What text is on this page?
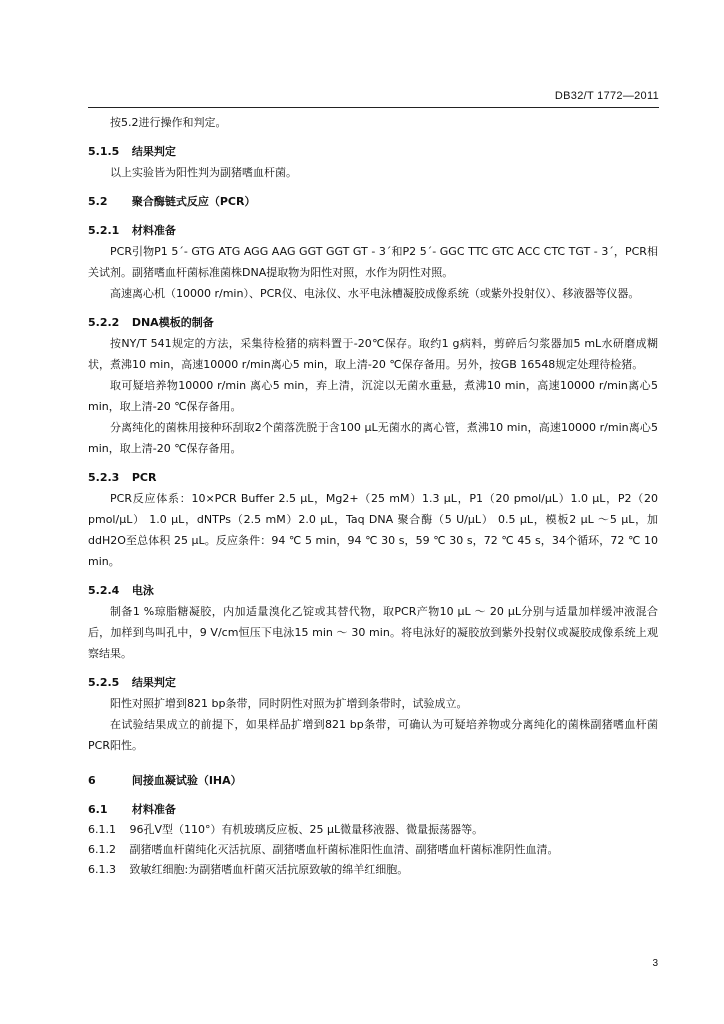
DB32/T 1772—2011

按5.2进行操作和判定。

5.1.5 结果判定

以上实验皆为阳性判为副猪嗜血杆菌。

5.2 聚合酶链式反应（PCR）

5.2.1 材料准备

PCR引物P1 5´- GTG ATG AGG AAG GGT GGT GT - 3´和P2 5´- GGC TTC GTC ACC CTC TGT - 3´，PCR相关试剂。副猪嗜血杆菌标准菌株DNA提取物为阳性对照，水作为阴性对照。

高速离心机（10000 r/min）、PCR仪、电泳仪、水平电泳槽凝胶成像系统（或紫外投射仪）、移液器等仪器。

5.2.2 DNA模板的制备

按NY/T 541规定的方法，采集待检猪的病料置于-20℃保存。取约1 g病料，剪碎后匀浆器加5 mL水研磨成糊状，煮沸10 min，高速10000 r/min离心5 min，取上清-20 ℃保存备用。另外，按GB 16548规定处理待检猪。

取可疑培养物10000 r/min 离心5 min，弃上清，沉淀以无菌水重悬，煮沸10 min，高速10000 r/min离心5 min，取上清-20 ℃保存备用。

分离纯化的菌株用接种环刮取2个菌落洗脱于含100 μL无菌水的离心管，煮沸10 min，高速10000 r/min离心5 min，取上清-20 ℃保存备用。

5.2.3 PCR

PCR反应体系：10×PCR Buffer 2.5 μL，Mg2+（25 mM）1.3 μL，P1（20 pmol/μL）1.0 μL，P2（20 pmol/μL） 1.0 μL，dNTPs（2.5 mM）2.0 μL，Taq DNA 聚合酶（5 U/μL） 0.5 μL，模板2 μL ～5 μL，加ddH2O至总体积 25 μL。反应条件：94 ℃ 5 min，94 ℃ 30 s，59 ℃ 30 s，72 ℃ 45 s，34个循环，72 ℃ 10 min。

5.2.4 电泳

制备1 %琼脂糖凝胶，内加适量溴化乙锭或其替代物，取PCR产物10 μL ～ 20 μL分别与适量加样缓冲液混合后，加样到鸟叫孔中，9 V/cm恒压下电泳15 min ～ 30 min。将电泳好的凝胶放到紫外投射仪或凝胶成像系统上观察结果。

5.2.5 结果判定

阳性对照扩增到821 bp条带，同时阴性对照为扩增到条带时，试验成立。

在试验结果成立的前提下，如果样品扩增到821 bp条带，可确认为可疑培养物或分离纯化的菌株副猪嗜血杆菌PCR阳性。

6	间接血凝试验（IHA）

6.1 材料准备

6.1.1 96孔V型（110°）有机玻璃反应板、25 μL微量移液器、微量振荡器等。

6.1.2 副猪嗜血杆菌纯化灭活抗原、副猪嗜血杆菌标准阳性血清、副猪嗜血杆菌标准阴性血清。

6.1.3 致敏红细胞:为副猪嗜血杆菌灭活抗原致敏的绵羊红细胞。

3
